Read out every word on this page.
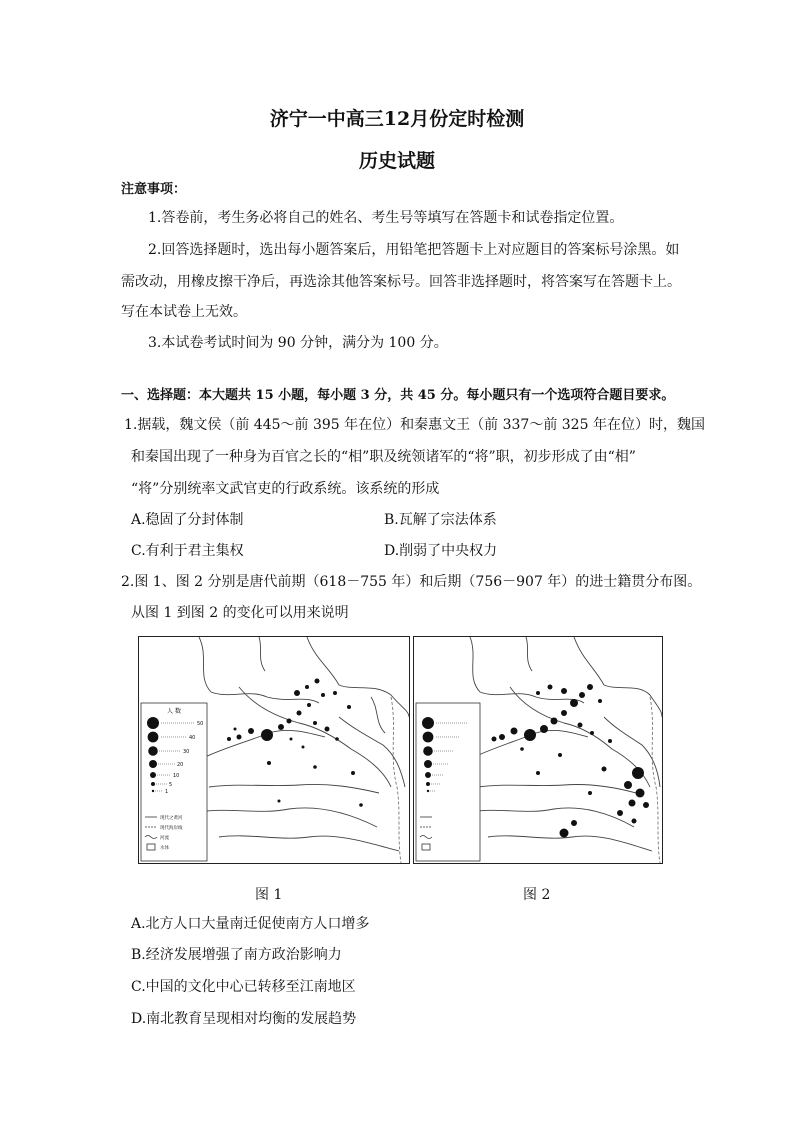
济宁一中高三12月份定时检测
历史试题
注意事项：
1.答卷前，考生务必将自己的姓名、考生号等填写在答题卡和试卷指定位置。
2.回答选择题时，选出每小题答案后，用铅笔把答题卡上对应题目的答案标号涂黑。如
需改动，用橡皮擦干净后，再选涂其他答案标号。回答非选择题时，将答案写在答题卡上。
写在本试卷上无效。
3.本试卷考试时间为 90 分钟，满分为 100 分。
一、选择题：本大题共 15 小题，每小题 3 分，共 45 分。每小题只有一个选项符合题目要求。
1.据载，魏文侯（前 445～前 395 年在位）和秦惠文王（前 337～前 325 年在位）时，魏国
和秦国出现了一种身为百官之长的“相”职及统领诸军的“将”职，初步形成了由“相”
“将”分别统率文武官吏的行政系统。该系统的形成
A.稳固了分封体制	B.瓦解了宗法体系
C.有利于君主集权	D.削弱了中央权力
2.图 1、图 2 分别是唐代前期（618－755 年）和后期（756－907 年）的进士籍贯分布图。
从图 1 到图 2 的变化可以用来说明
人 数
50
40
30
20
10
5
1
现代之黄河
现代海岸线
河流
水体
图 1	图 2
A.北方人口大量南迁促使南方人口增多
B.经济发展增强了南方政治影响力
C.中国的文化中心已转移至江南地区
D.南北教育呈现相对均衡的发展趋势
